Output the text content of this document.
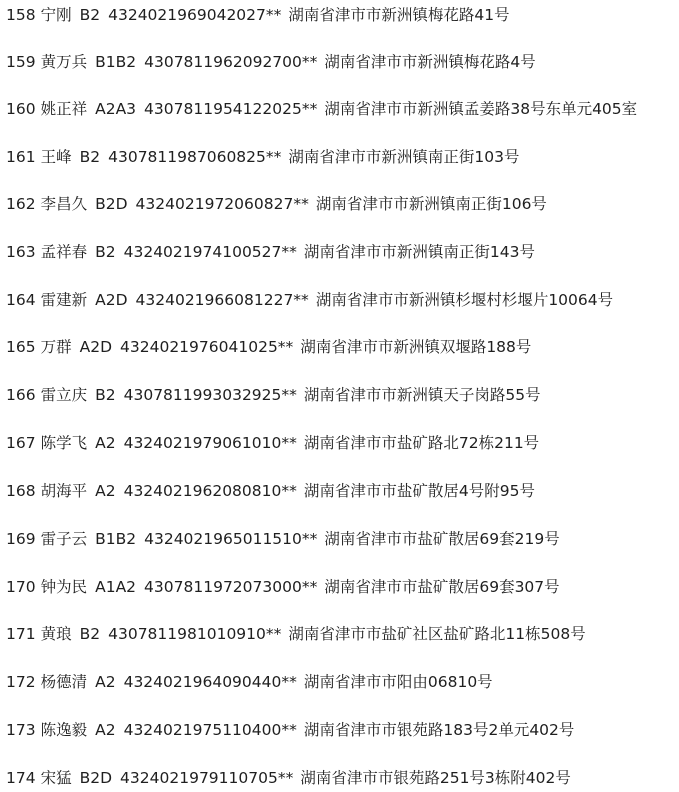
158 宁刚 B2 4324021969042027** 湖南省津市市新洲镇梅花路41号
159 黄万兵 B1B2 4307811962092700** 湖南省津市市新洲镇梅花路4号
160 姚正祥 A2A3 4307811954122025** 湖南省津市市新洲镇孟姜路38号东单元405室
161 王峰 B2 4307811987060825** 湖南省津市市新洲镇南正街103号
162 李昌久 B2D 4324021972060827** 湖南省津市市新洲镇南正街106号
163 孟祥春 B2 4324021974100527** 湖南省津市市新洲镇南正街143号
164 雷建新 A2D 4324021966081227** 湖南省津市市新洲镇杉堰村杉堰片10064号
165 万群 A2D 4324021976041025** 湖南省津市市新洲镇双堰路188号
166 雷立庆 B2 4307811993032925** 湖南省津市市新洲镇天子岗路55号
167 陈学飞 A2 4324021979061010** 湖南省津市市盐矿路北72栋211号
168 胡海平 A2 4324021962080810** 湖南省津市市盐矿散居4号附95号
169 雷子云 B1B2 4324021965011510** 湖南省津市市盐矿散居69套219号
170 钟为民 A1A2 4307811972073000** 湖南省津市市盐矿散居69套307号
171 黄琅 B2 4307811981010910** 湖南省津市市盐矿社区盐矿路北11栋508号
172 杨德清 A2 4324021964090440** 湖南省津市市阳由06810号
173 陈逸毅 A2 4324021975110400** 湖南省津市市银苑路183号2单元402号
174 宋猛 B2D 4324021979110705** 湖南省津市市银苑路251号3栋附402号
